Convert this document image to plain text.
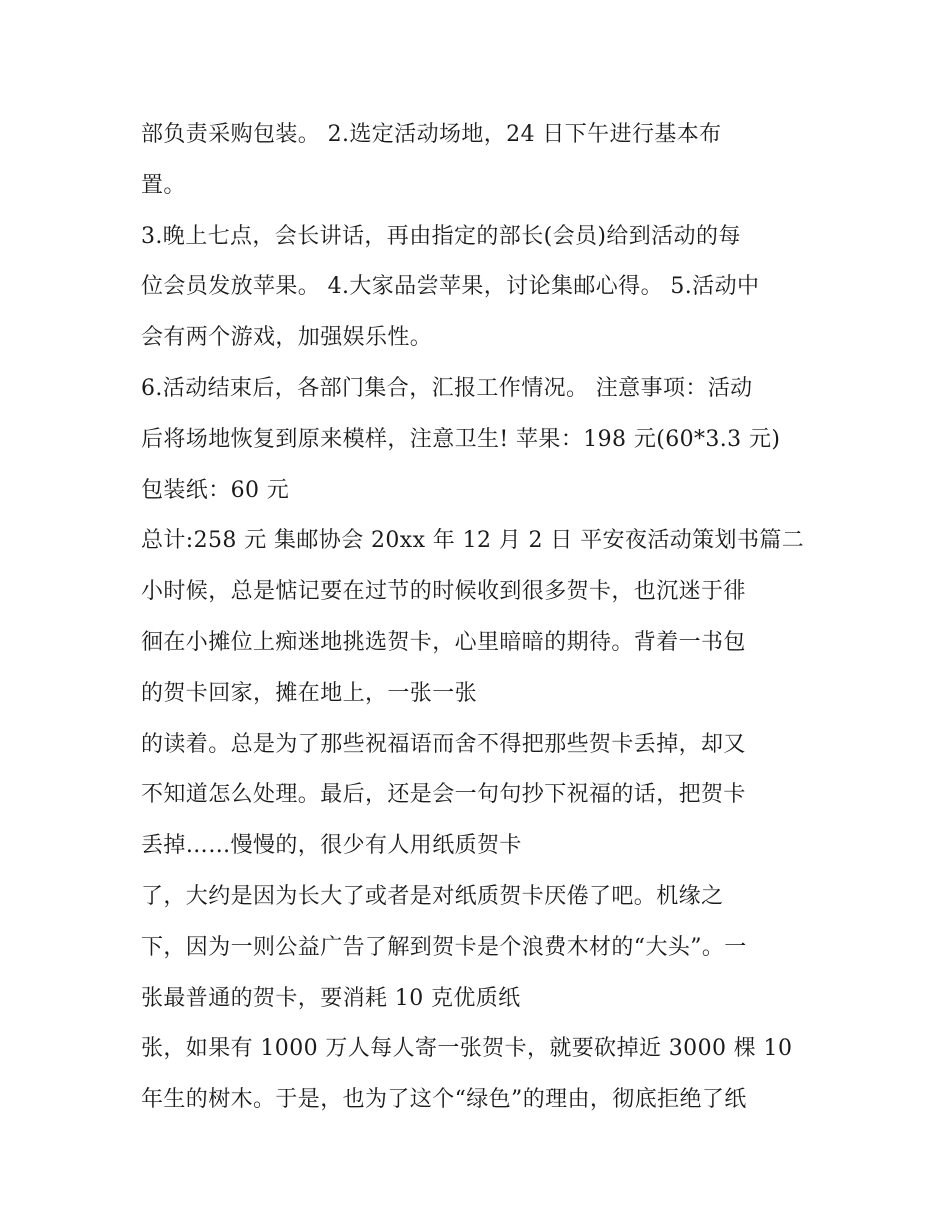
部负责采购包装。 2.选定活动场地，24 日下午进行基本布
置。
3.晚上七点，会长讲话，再由指定的部长(会员)给到活动的每
位会员发放苹果。 4.大家品尝苹果，讨论集邮心得。 5.活动中
会有两个游戏，加强娱乐性。
6.活动结束后，各部门集合，汇报工作情况。 注意事项：活动
后将场地恢复到原来模样，注意卫生! 苹果：198 元(60*3.3 元)
包装纸：60 元
总计:258 元 集邮协会 20xx 年 12 月 2 日 平安夜活动策划书篇二
小时候，总是惦记要在过节的时候收到很多贺卡，也沉迷于徘
徊在小摊位上痴迷地挑选贺卡，心里暗暗的期待。背着一书包
的贺卡回家，摊在地上，一张一张
的读着。总是为了那些祝福语而舍不得把那些贺卡丢掉，却又
不知道怎么处理。最后，还是会一句句抄下祝福的话，把贺卡
丢掉……慢慢的，很少有人用纸质贺卡
了，大约是因为长大了或者是对纸质贺卡厌倦了吧。机缘之
下，因为一则公益广告了解到贺卡是个浪费木材的“大头”。一
张最普通的贺卡，要消耗 10 克优质纸
张，如果有 1000 万人每人寄一张贺卡，就要砍掉近 3000 棵 10
年生的树木。于是，也为了这个“绿色”的理由，彻底拒绝了纸
